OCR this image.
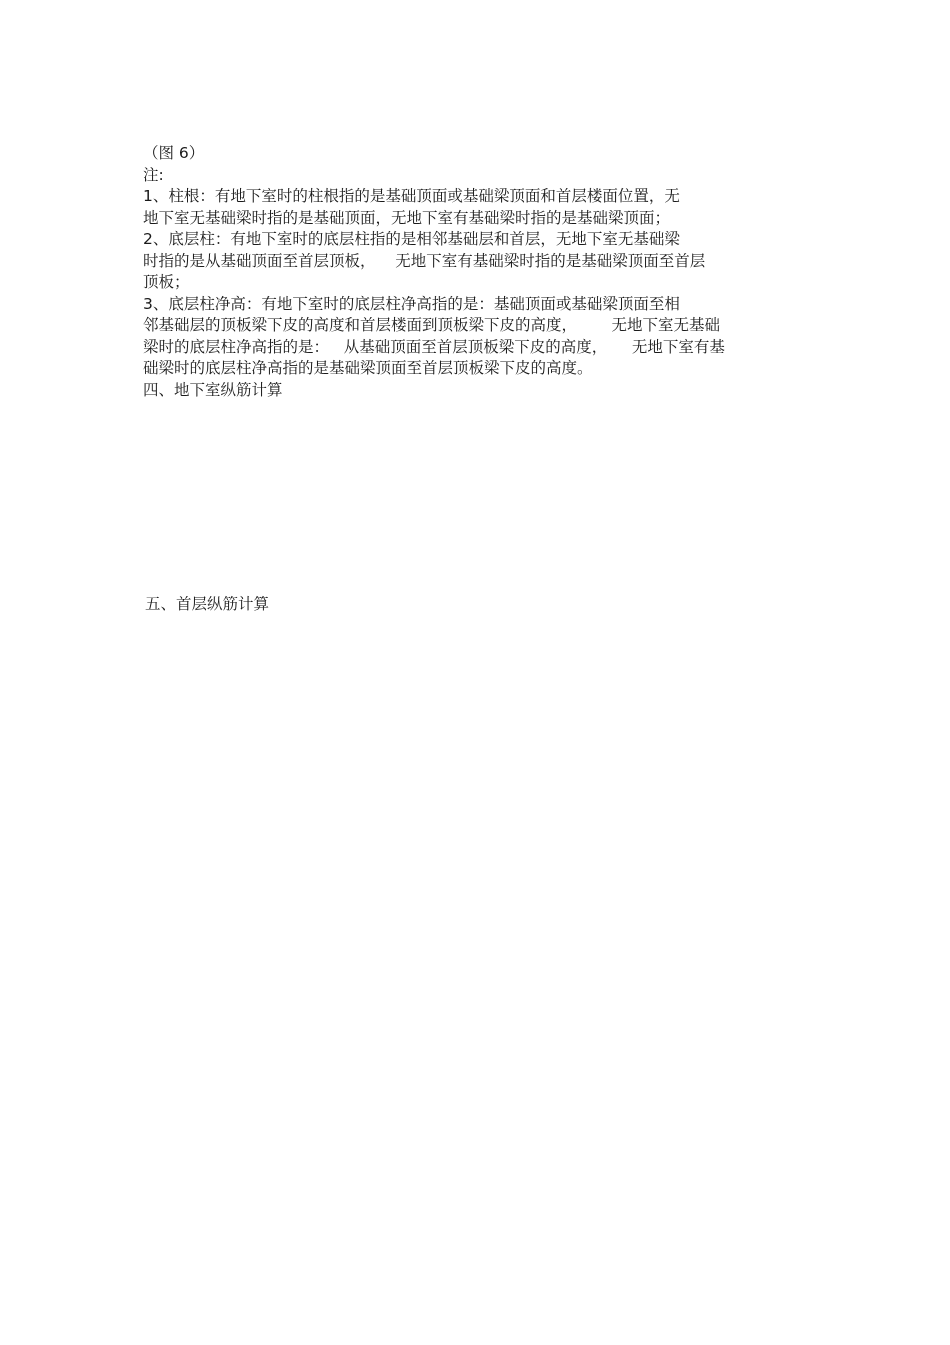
（图 6）
注:
1、柱根：有地下室时的柱根指的是基础顶面或基础梁顶面和首层楼面位置，无
地下室无基础梁时指的是基础顶面，无地下室有基础梁时指的是基础梁顶面；
2、底层柱：有地下室时的底层柱指的是相邻基础层和首层，无地下室无基础梁
时指的是从基础顶面至首层顶板，    无地下室有基础梁时指的是基础梁顶面至首层
顶板；
3、底层柱净高：有地下室时的底层柱净高指的是：基础顶面或基础梁顶面至相
邻基础层的顶板梁下皮的高度和首层楼面到顶板梁下皮的高度，       无地下室无基础
梁时的底层柱净高指的是：   从基础顶面至首层顶板梁下皮的高度，     无地下室有基
础梁时的底层柱净高指的是基础梁顶面至首层顶板梁下皮的高度。
四、地下室纵筋计算
五、首层纵筋计算
